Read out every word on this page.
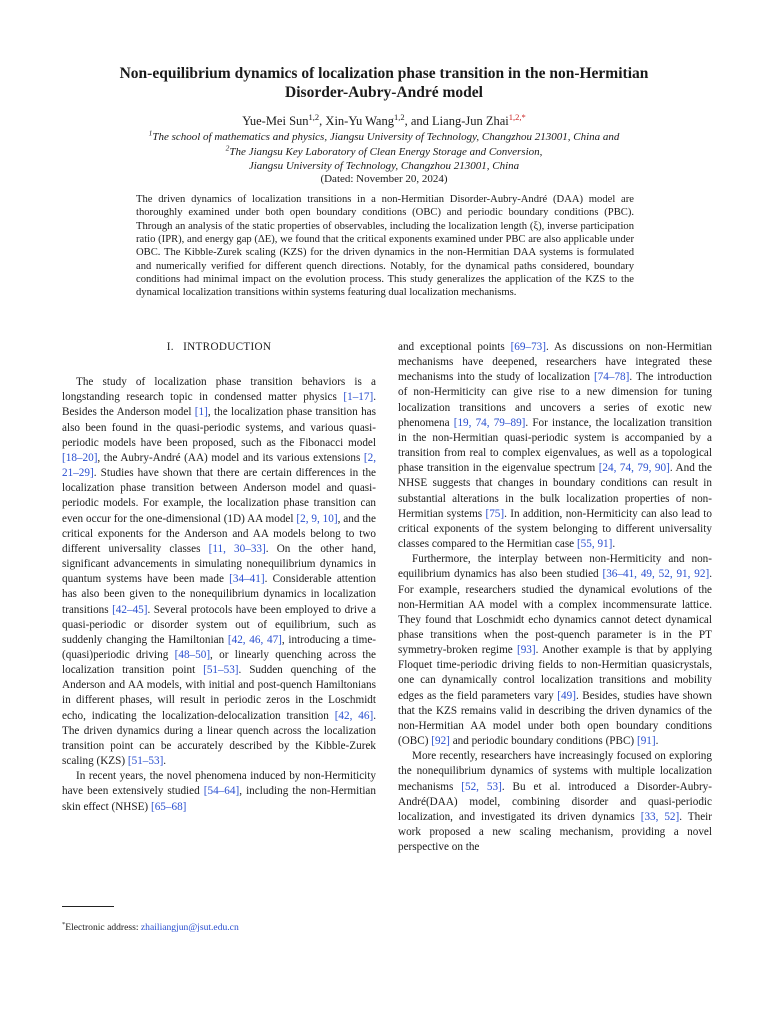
Non-equilibrium dynamics of localization phase transition in the non-Hermitian
Disorder-Aubry-André model
Yue-Mei Sun$^{1,2}$, Xin-Yu Wang$^{1,2}$, and Liang-Jun Zhai$^{1,2,*}$
$^1$The school of mathematics and physics, Jiangsu University of Technology, Changzhou 213001, China and
$^2$The Jiangsu Key Laboratory of Clean Energy Storage and Conversion,
Jiangsu University of Technology, Changzhou 213001, China
(Dated: November 20, 2024)
The driven dynamics of localization transitions in a non-Hermitian Disorder-Aubry-André (DAA) model are thoroughly examined under both open boundary conditions (OBC) and periodic boundary conditions (PBC). Through an analysis of the static properties of observables, including the localization length (ξ), inverse participation ratio (IPR), and energy gap (ΔE), we found that the critical exponents examined under PBC are also applicable under OBC. The Kibble-Zurek scaling (KZS) for the driven dynamics in the non-Hermitian DAA systems is formulated and numerically verified for different quench directions. Notably, for the dynamical paths considered, boundary conditions had minimal impact on the evolution process. This study generalizes the application of the KZS to the dynamical localization transitions within systems featuring dual localization mechanisms.
I. INTRODUCTION

The study of localization phase transition behaviors is a longstanding research topic in condensed matter physics [1–17]. Besides the Anderson model [1], the localization phase transition has also been found in the quasi-periodic systems, and various quasi-periodic models have been proposed, such as the Fibonacci model [18–20], the Aubry-André (AA) model and its various extensions [2, 21–29]. Studies have shown that there are certain differences in the localization phase transition between Anderson model and quasi-periodic models. For example, the localization phase transition can even occur for the one-dimensional (1D) AA model [2, 9, 10], and the critical exponents for the Anderson and AA models belong to two different universality classes [11, 30–33]. On the other hand, significant advancements in simulating nonequilibrium dynamics in quantum systems have been made [34–41]. Considerable attention has also been given to the nonequilibrium dynamics in localization transitions [42–45]. Several protocols have been employed to drive a quasi-periodic or disorder system out of equilibrium, such as suddenly changing the Hamiltonian [42, 46, 47], introducing a time-(quasi)periodic driving [48–50], or linearly quenching across the localization transition point [51–53]. Sudden quenching of the Anderson and AA models, with initial and post-quench Hamiltonians in different phases, will result in periodic zeros in the Loschmidt echo, indicating the localization-delocalization transition [42, 46]. The driven dynamics during a linear quench across the localization transition point can be accurately described by the Kibble-Zurek scaling (KZS) [51–53].

In recent years, the novel phenomena induced by non-Hermiticity have been extensively studied [54–64], including the non-Hermitian skin effect (NHSE) [65–68]

and exceptional points [69–73]. As discussions on non-Hermitian mechanisms have deepened, researchers have integrated these mechanisms into the study of localization [74–78]. The introduction of non-Hermiticity can give rise to a new dimension for tuning localization transitions and uncovers a series of exotic new phenomena [19, 74, 79–89]. For instance, the localization transition in the non-Hermitian quasi-periodic system is accompanied by a transition from real to complex eigenvalues, as well as a topological phase transition in the eigenvalue spectrum [24, 74, 79, 90]. And the NHSE suggests that changes in boundary conditions can result in substantial alterations in the bulk localization properties of non-Hermitian systems [75]. In addition, non-Hermiticity can also lead to critical exponents of the system belonging to different universality classes compared to the Hermitian case [55, 91].

Furthermore, the interplay between non-Hermiticity and non-equilibrium dynamics has also been studied [36–41, 49, 52, 91, 92]. For example, researchers studied the dynamical evolutions of the non-Hermitian AA model with a complex incommensurate lattice. They found that Loschmidt echo dynamics cannot detect dynamical phase transitions when the post-quench parameter is in the PT symmetry-broken regime [93]. Another example is that by applying Floquet time-periodic driving fields to non-Hermitian quasicrystals, one can dynamically control localization transitions and mobility edges as the field parameters vary [49]. Besides, studies have shown that the KZS remains valid in describing the driven dynamics of the non-Hermitian AA model under both open boundary conditions (OBC) [92] and periodic boundary conditions (PBC) [91].

More recently, researchers have increasingly focused on exploring the nonequilibrium dynamics of systems with multiple localization mechanisms [52, 53]. Bu et al. introduced a Disorder-Aubry-André(DAA) model, combining disorder and quasi-periodic localization, and investigated its driven dynamics [33, 52]. Their work proposed a new scaling mechanism, providing a novel perspective on the

*Electronic address: zhailiangjun@jsut.edu.cn
